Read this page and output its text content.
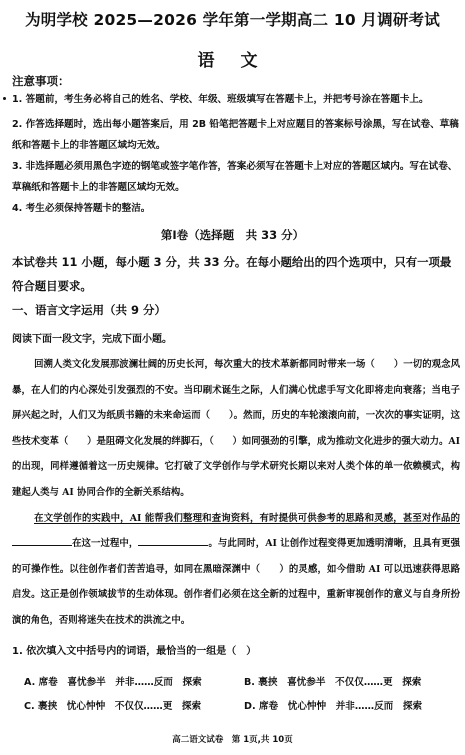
为明学校 2025—2026 学年第一学期高二 10 月调研考试
语 文
注意事项：
1. 答题前，考生务必将自己的姓名、学校、年级、班级填写在答题卡上，并把考号涂在答题卡上。
2. 作答选择题时，选出每小题答案后，用 2B 铅笔把答题卡上对应题目的答案标号涂黑，写在试卷、草稿纸和答题卡上的非答题区域均无效。
3. 非选择题必须用黑色字迹的钢笔或签字笔作答，答案必须写在答题卡上对应的答题区域内。写在试卷、草稿纸和答题卡上的非答题区域均无效。
4. 考生必须保持答题卡的整洁。
第Ⅰ卷（选择题　共 33 分）
本试卷共 11 小题，每小题 3 分，共 33 分。在每小题给出的四个选项中，只有一项最符合题目要求。
一、语言文字运用（共 9 分）
阅读下面一段文字，完成下面小题。

回溯人类文化发展那波澜壮阔的历史长河，每次重大的技术革新都同时带来一场（　　）一切的观念风暴，在人们的内心深处引发强烈的不安。当印刷术诞生之际，人们满心忧虑手写文化即将走向衰落；当电子屏兴起之时，人们又为纸质书籍的未来命运而（　　）。然而，历史的车轮滚滚向前，一次次的事实证明，这些技术变革（　　）是阻碍文化发展的绊脚石，（　　）如同强劲的引擎，成为推动文化进步的强大动力。AI 的出现，同样遵循着这一历史规律。它打破了文学创作与学术研究长期以来对人类个体的单一依赖模式，构建起人类与 AI 协同合作的全新关系结构。

在文学创作的实践中，AI 能帮我们整理和查询资料，有时提供可供参考的思路和灵感，甚至对作品的在这一过程中，	。与此同时，AI 让创作过程变得更加透明清晰，且具有更强的可操作性。以往创作者们苦苦追寻，如同在黑暗深渊中（　　）的灵感，如今借助 AI 可以迅速获得思路启发。这正是创作领域拔节的生动体现。创作者们必须在这全新的过程中，重新审视创作的意义与自身所扮演的角色，否则将迷失在技术的洪流之中。

1. 依次填入文中括号内的词语，最恰当的一组是（　）
A. 席卷　喜忧参半　并非……反而　探索	B. 裹挟　喜忧参半　不仅仅……更　探索
C. 裹挟　忧心忡忡　不仅仅……更　探索	D. 席卷　忧心忡忡　并非……反而　探索
高二语文试卷　第 1页,共 10页
